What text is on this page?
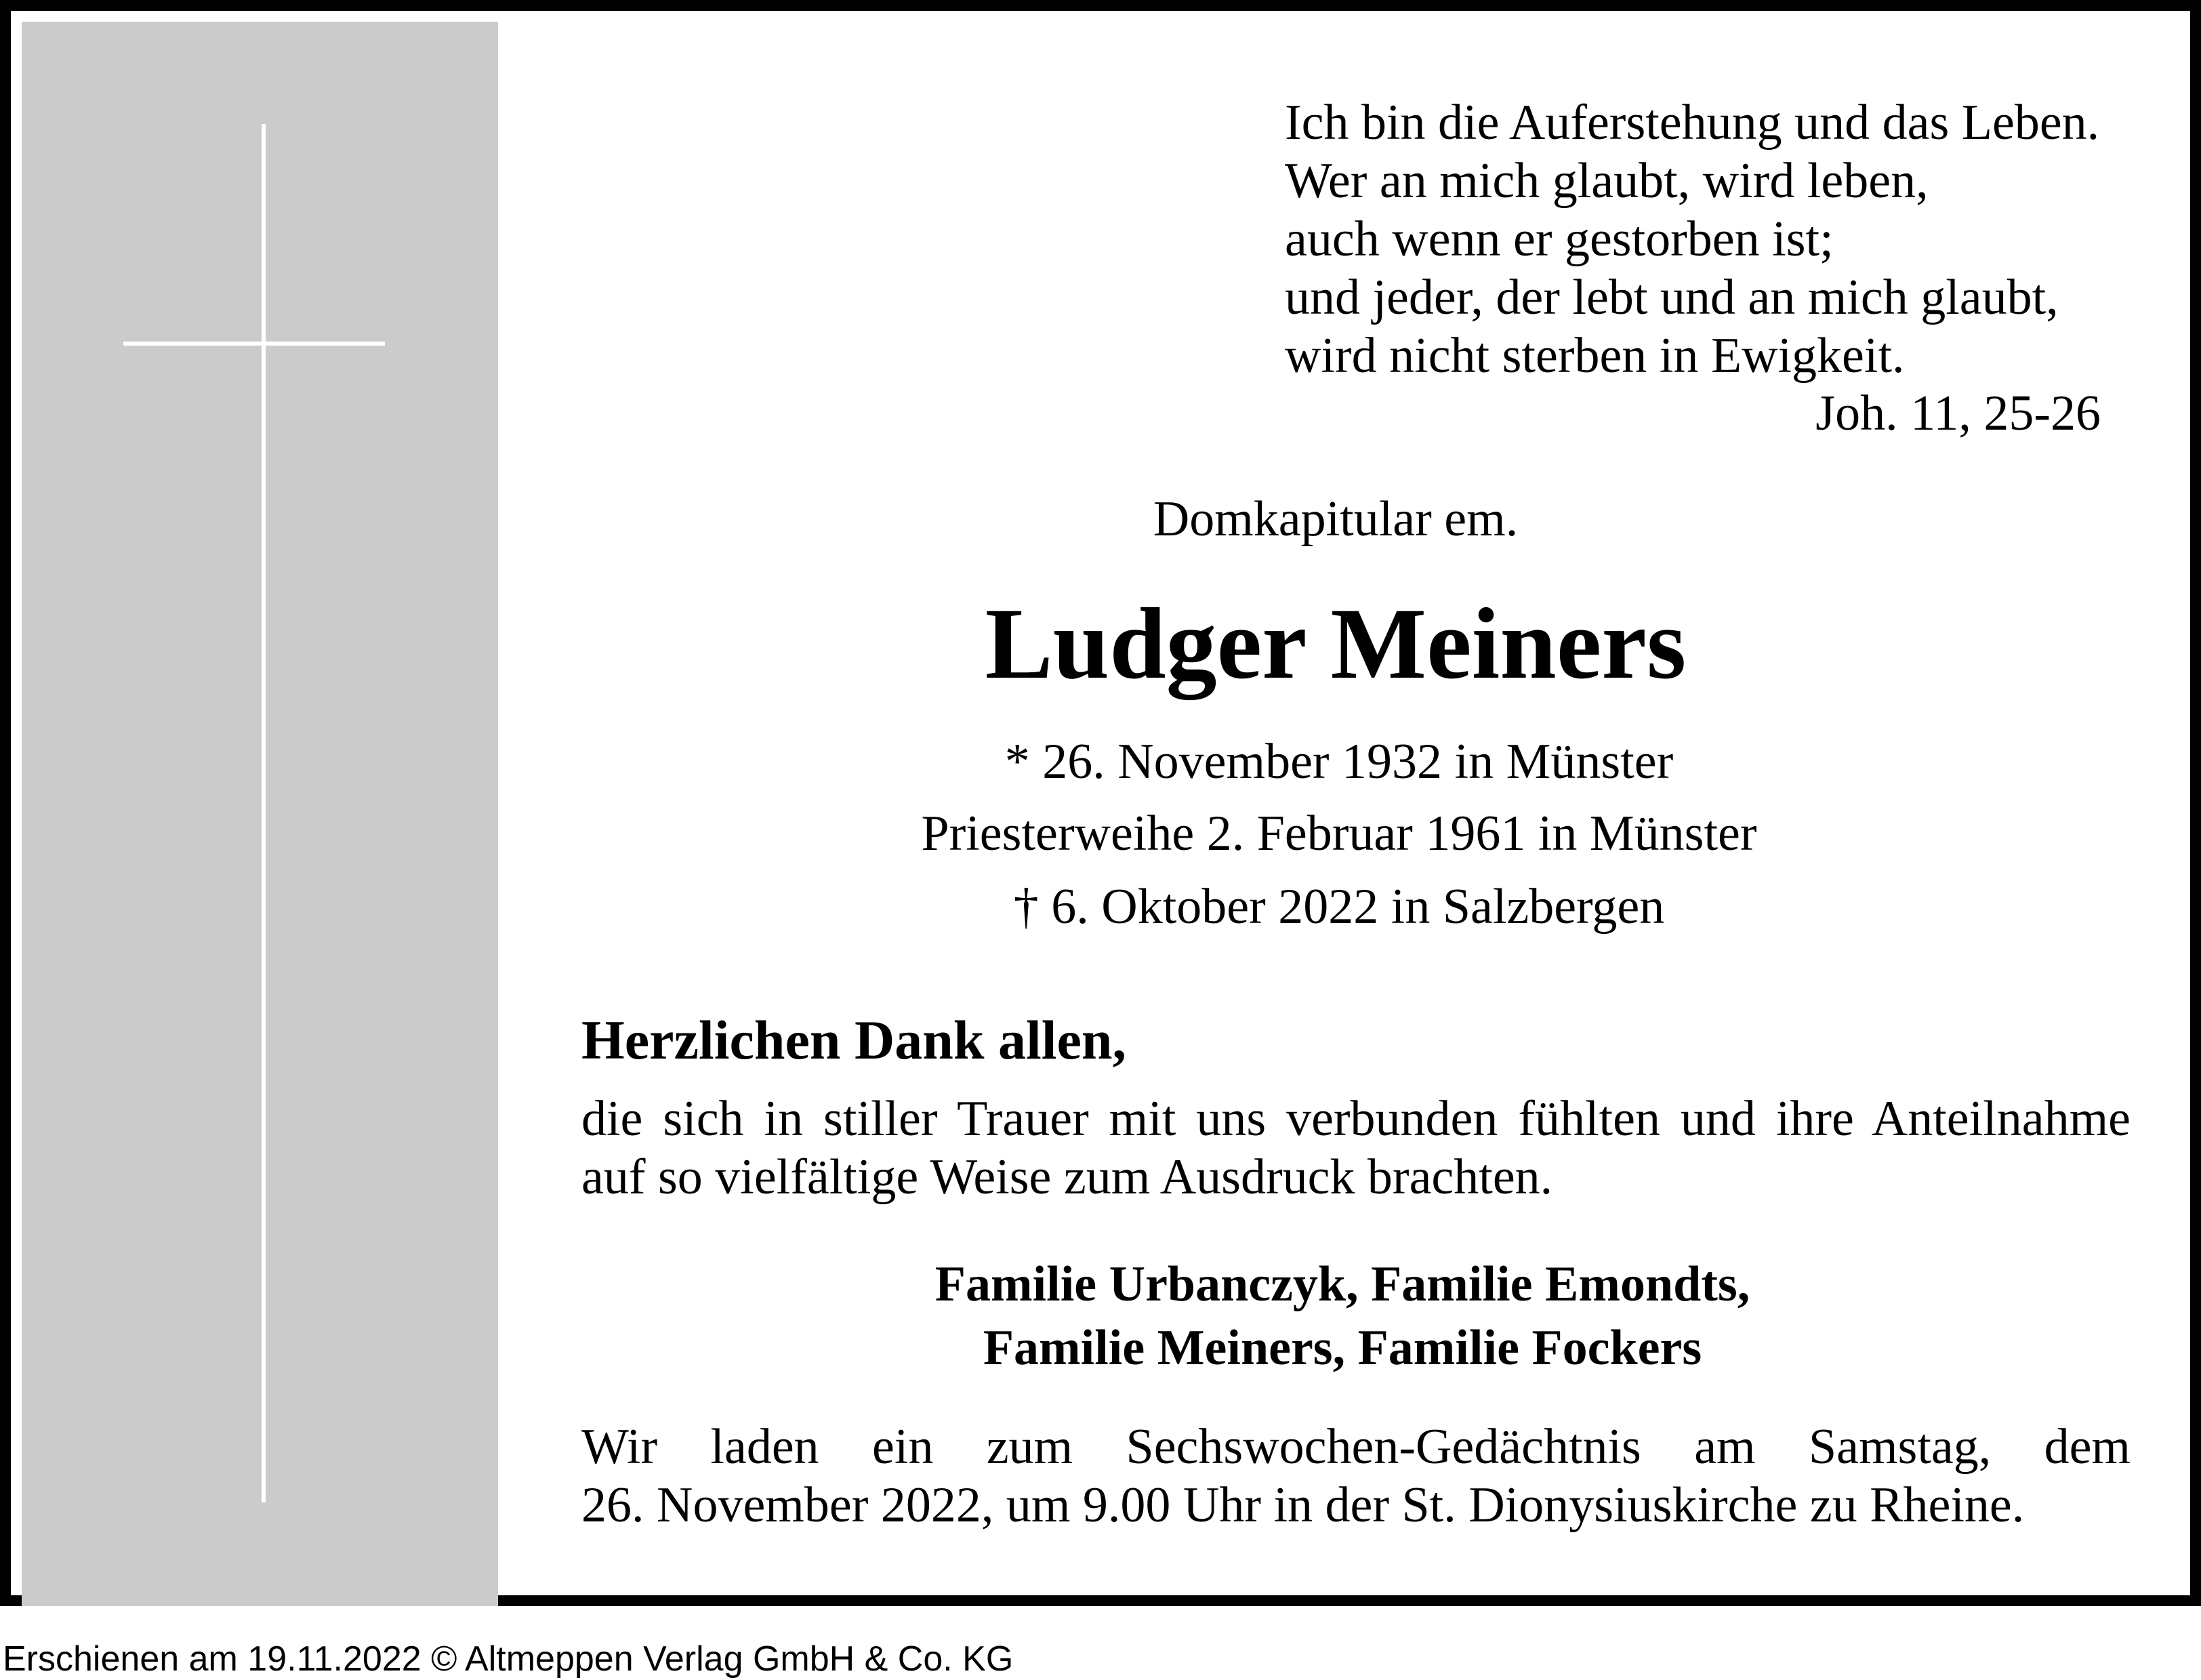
Ich bin die Auferstehung und das Leben.
Wer an mich glaubt, wird leben,
auch wenn er gestorben ist;
und jeder, der lebt und an mich glaubt,
wird nicht sterben in Ewigkeit.
Joh. 11, 25-26
Domkapitular em.
Ludger Meiners
* 26. November 1932 in Münster
Priesterweihe 2. Februar 1961 in Münster
† 6. Oktober 2022 in Salzbergen
Herzlichen Dank allen,
die sich in stiller Trauer mit uns verbunden fühlten und ihre Anteilnahme
auf so vielfältige Weise zum Ausdruck brachten.
Familie Urbanczyk, Familie Emondts,
Familie Meiners, Familie Fockers
Wir laden ein zum Sechswochen-Gedächtnis am Samstag, dem
26. November 2022, um 9.00 Uhr in der St. Dionysiuskirche zu Rheine.
Erschienen am 19.11.2022 © Altmeppen Verlag GmbH & Co. KG
